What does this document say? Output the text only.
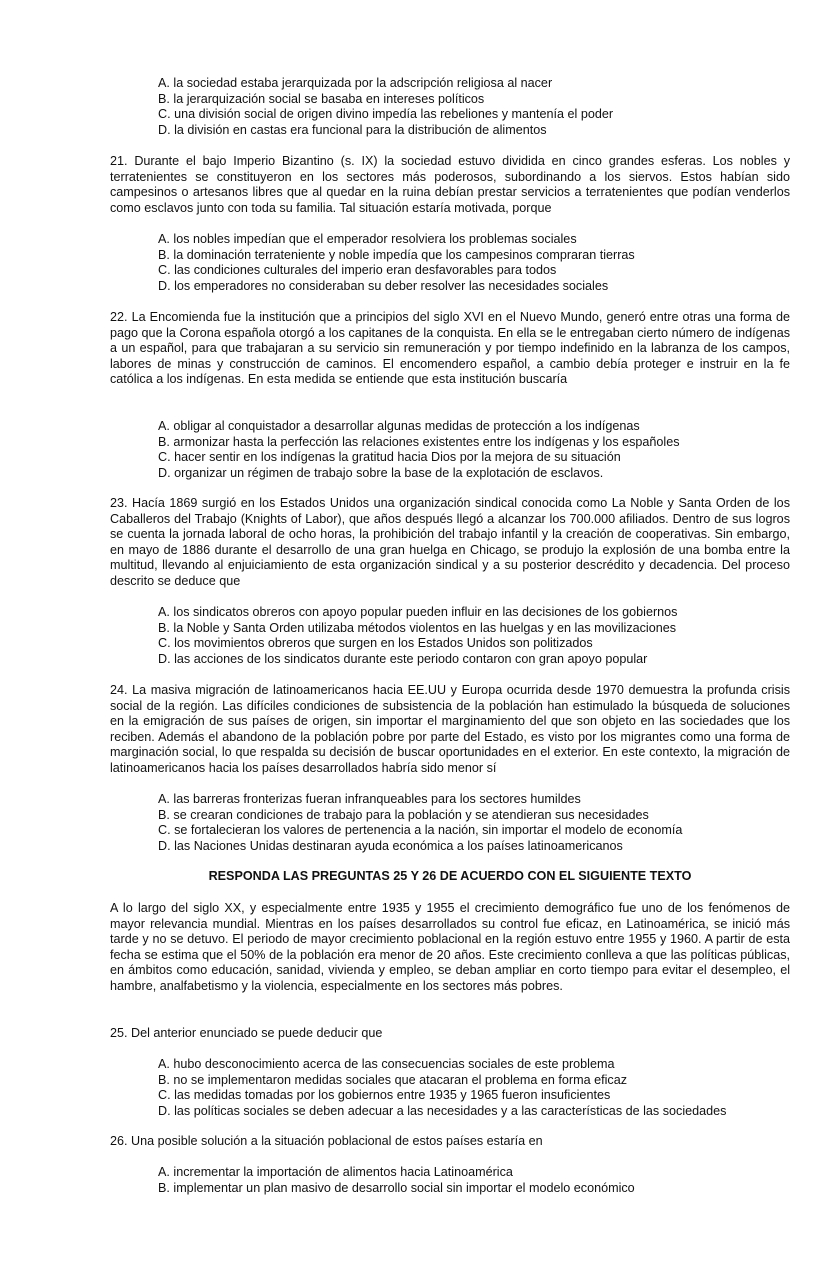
A. la sociedad estaba jerarquizada por la adscripción religiosa al nacer
B. la jerarquización social se basaba en intereses políticos
C. una división social de origen divino impedía las rebeliones y mantenía el poder
D. la división en castas era funcional para la distribución de alimentos
21. Durante el bajo Imperio Bizantino (s. IX) la sociedad estuvo dividida en cinco grandes esferas. Los nobles y terratenientes se constituyeron en los sectores más poderosos, subordinando a los siervos. Estos habían sido campesinos o artesanos libres que al quedar en la ruina debían prestar servicios a terratenientes que podían venderlos como esclavos junto con toda su familia. Tal situación estaría motivada, porque
A. los nobles impedían que el emperador resolviera los problemas sociales
B. la dominación terrateniente y noble impedía que los campesinos compraran tierras
C. las condiciones culturales del imperio eran desfavorables para todos
D. los emperadores no consideraban su deber resolver las necesidades sociales
22. La Encomienda fue la institución que a principios del siglo XVI en el Nuevo Mundo, generó entre otras una forma de pago que la Corona española otorgó a los capitanes de la conquista. En ella se le entregaban cierto número de indígenas a un español, para que trabajaran a su servicio sin remuneración y por tiempo indefinido en la labranza de los campos, labores de minas y construcción de caminos. El encomendero español, a cambio debía proteger e instruir en la fe católica a los indígenas. En esta medida se entiende que esta institución buscaría
A. obligar al conquistador a desarrollar algunas medidas de protección a los indígenas
B. armonizar hasta la perfección las relaciones existentes entre los indígenas y los españoles
C. hacer sentir en los indígenas la gratitud hacia Dios por la mejora de su situación
D. organizar un régimen de trabajo sobre la base de la explotación de esclavos.
23. Hacía 1869 surgió en los Estados Unidos una organización sindical conocida como La Noble y Santa Orden de los Caballeros del Trabajo (Knights of Labor), que años después llegó a alcanzar los 700.000 afiliados. Dentro de sus logros se cuenta la jornada laboral de ocho horas, la prohibición del trabajo infantil y la creación de cooperativas. Sin embargo, en mayo de 1886 durante el desarrollo de una gran huelga en Chicago, se produjo la explosión de una bomba entre la multitud, llevando al enjuiciamiento de esta organización sindical y a su posterior descrédito y decadencia. Del proceso descrito se deduce que
A. los sindicatos obreros con apoyo popular pueden influir en las decisiones de los gobiernos
B. la Noble y Santa Orden utilizaba métodos violentos en las huelgas y en las movilizaciones
C. los movimientos obreros que surgen en los Estados Unidos son politizados
D. las acciones de los sindicatos durante este periodo contaron con gran apoyo popular
24. La masiva migración de latinoamericanos hacia EE.UU y Europa ocurrida desde 1970 demuestra la profunda crisis social de la región. Las difíciles condiciones de subsistencia de la población han estimulado la búsqueda de soluciones en la emigración de sus países de origen, sin importar el marginamiento del que son objeto en las sociedades que los reciben. Además el abandono de la población pobre por parte del Estado, es visto por los migrantes como una forma de marginación social, lo que respalda su decisión de buscar oportunidades en el exterior. En este contexto, la migración de latinoamericanos hacia los países desarrollados habría sido menor sí
A. las barreras fronterizas fueran infranqueables para los sectores humildes
B. se crearan condiciones de trabajo para la población y se atendieran sus necesidades
C. se fortalecieran los valores de pertenencia a la nación, sin importar el modelo de economía
D. las Naciones Unidas destinaran ayuda económica a los países latinoamericanos
RESPONDA LAS PREGUNTAS 25 Y 26 DE ACUERDO CON EL SIGUIENTE TEXTO
A lo largo del siglo XX, y especialmente entre 1935 y 1955 el crecimiento demográfico fue uno de los fenómenos de mayor relevancia mundial. Mientras en los países desarrollados su control fue eficaz, en Latinoamérica, se inició más tarde y no se detuvo. El periodo de mayor crecimiento poblacional en la región estuvo entre 1955 y 1960. A partir de esta fecha se estima que el 50% de la población era menor de 20 años. Este crecimiento conlleva a que las políticas públicas, en ámbitos como educación, sanidad, vivienda y empleo, se deban ampliar en corto tiempo para evitar el desempleo, el hambre, analfabetismo y la violencia, especialmente en los sectores más pobres.
25. Del anterior enunciado se puede deducir que
A. hubo desconocimiento acerca de las consecuencias sociales de este problema
B. no se implementaron medidas sociales que atacaran el problema en forma eficaz
C. las medidas tomadas por los gobiernos entre 1935 y 1965 fueron insuficientes
D. las políticas sociales se deben adecuar a las necesidades y a las características de las sociedades
26. Una posible solución a la situación poblacional de estos países estaría en
A. incrementar la importación de alimentos hacia Latinoamérica
B. implementar un plan masivo de desarrollo social sin importar el modelo económico
